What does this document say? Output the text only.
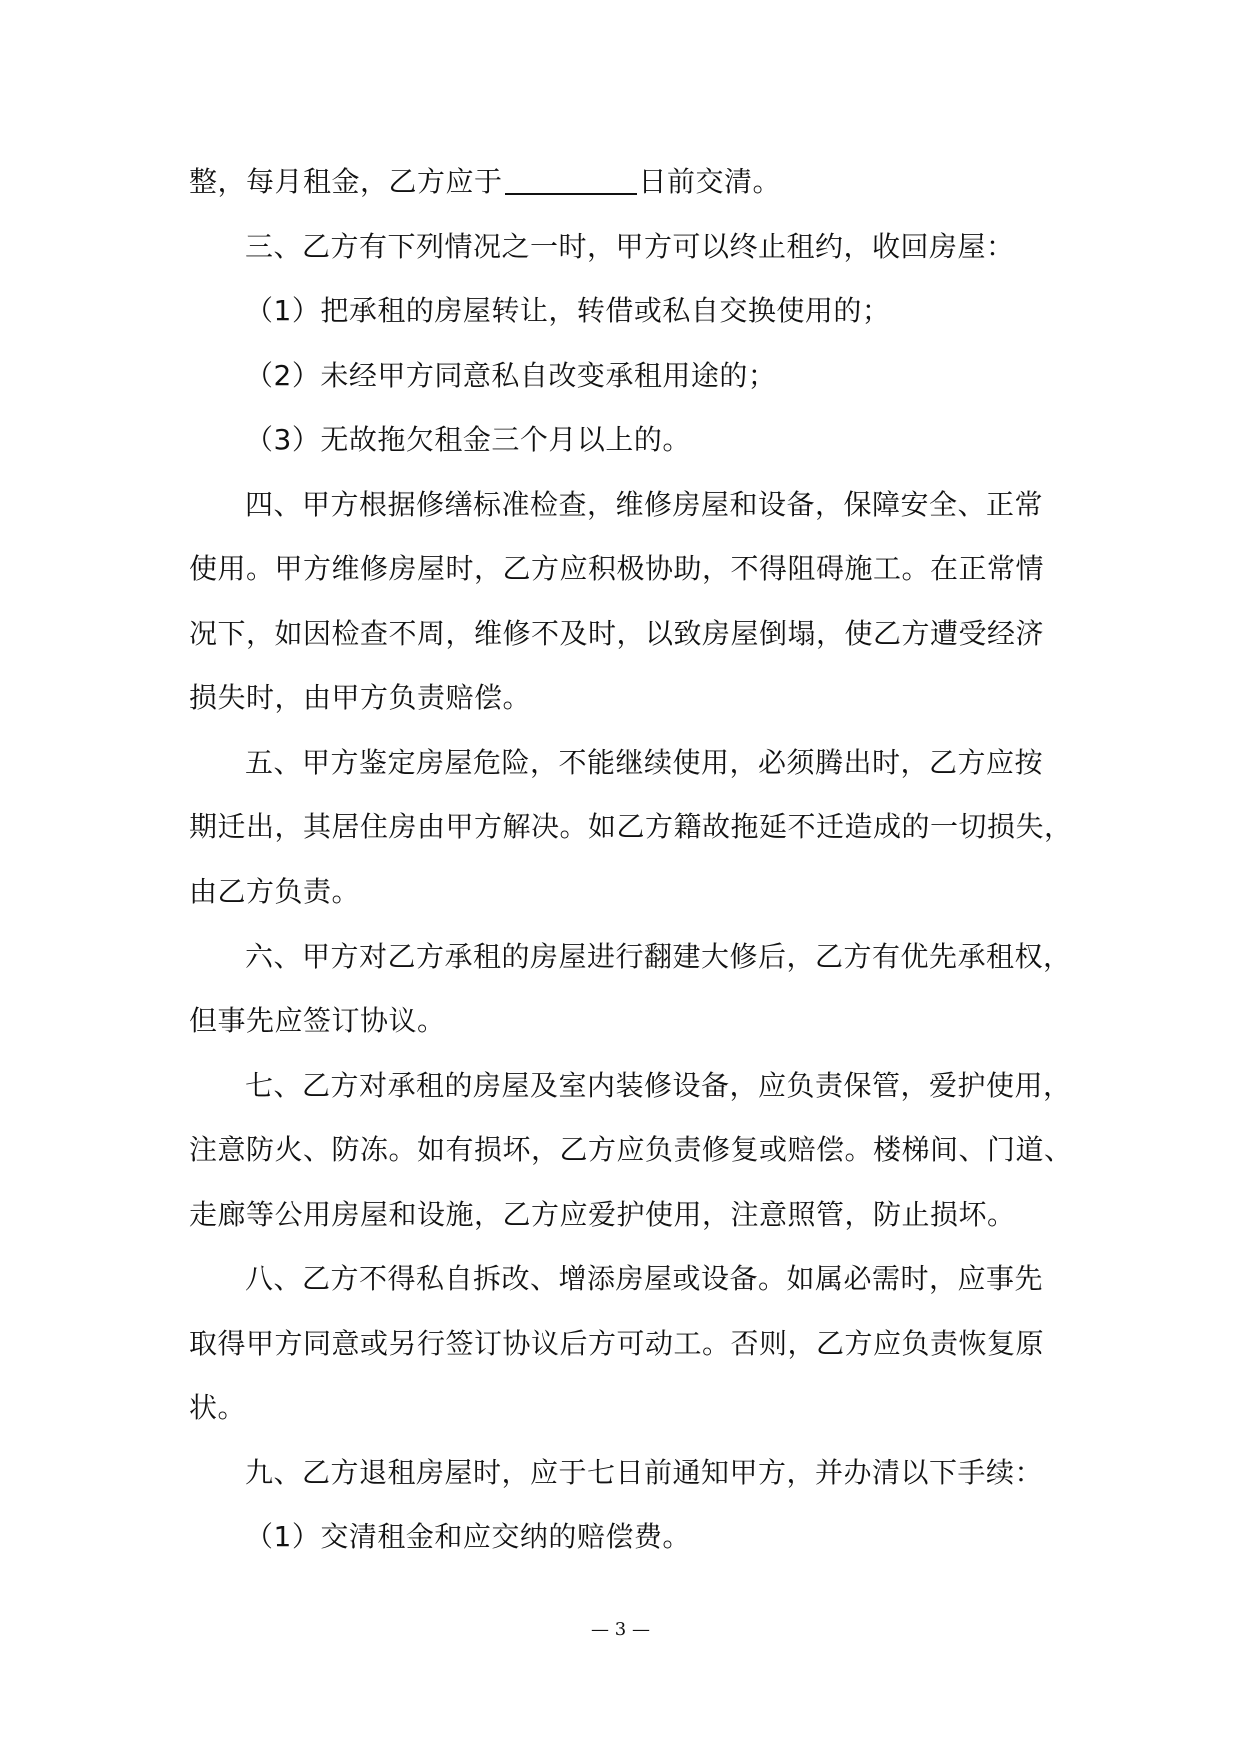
整，每月租金，乙方应于	日前交清。
三、乙方有下列情况之一时，甲方可以终止租约，收回房屋：
（1）把承租的房屋转让，转借或私自交换使用的；
（2）未经甲方同意私自改变承租用途的；
（3）无故拖欠租金三个月以上的。
四、甲方根据修缮标准检查，维修房屋和设备，保障安全、正常
使用。甲方维修房屋时，乙方应积极协助，不得阻碍施工。在正常情
况下，如因检查不周，维修不及时，以致房屋倒塌，使乙方遭受经济
损失时，由甲方负责赔偿。
五、甲方鉴定房屋危险，不能继续使用，必须腾出时，乙方应按
期迁出，其居住房由甲方解决。如乙方籍故拖延不迁造成的一切损失，
由乙方负责。
六、甲方对乙方承租的房屋进行翻建大修后，乙方有优先承租权，
但事先应签订协议。
七、乙方对承租的房屋及室内装修设备，应负责保管，爱护使用，
注意防火、防冻。如有损坏，乙方应负责修复或赔偿。楼梯间、门道、
走廊等公用房屋和设施，乙方应爱护使用，注意照管，防止损坏。
八、乙方不得私自拆改、增添房屋或设备。如属必需时，应事先
取得甲方同意或另行签订协议后方可动工。否则，乙方应负责恢复原
状。
九、乙方退租房屋时，应于七日前通知甲方，并办清以下手续：
（1）交清租金和应交纳的赔偿费。
— 3 —
